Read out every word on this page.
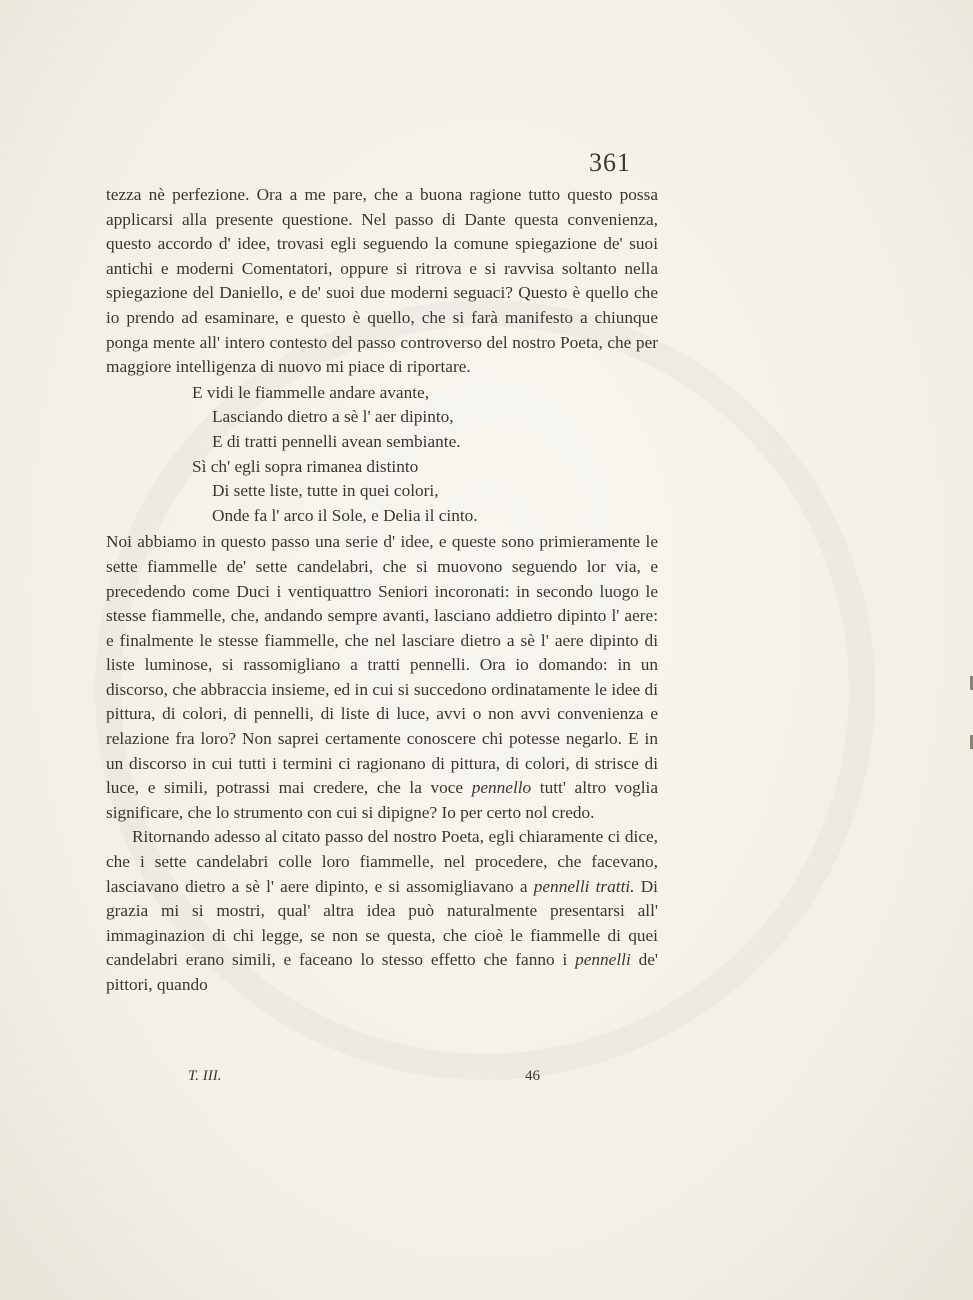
361

tezza nè perfezione. Ora a me pare, che a buona ragione tutto questo possa applicarsi alla presente questione. Nel passo di Dante questa convenienza, questo accordo d' idee, trovasi egli seguendo la comune spiegazione de' suoi antichi e moderni Comentatori, oppure si ritrova e si ravvisa soltanto nella spiegazione del Daniello, e de' suoi due moderni seguaci? Questo è quello che io prendo ad esaminare, e questo è quello, che si farà manifesto a chiunque ponga mente all' intero contesto del passo controverso del nostro Poeta, che per maggiore intelligenza di nuovo mi piace di riportare.

E vidi le fiammelle andare avante,
Lasciando dietro a sè l' aer dipinto,
E di tratti pennelli avean sembiante.
Sì ch' egli sopra rimanea distinto
Di sette liste, tutte in quei colori,
Onde fa l' arco il Sole, e Delia il cinto.

Noi abbiamo in questo passo una serie d' idee, e queste sono primieramente le sette fiammelle de' sette candelabri, che si muovono seguendo lor via, e precedendo come Duci i ventiquattro Seniori incoronati: in secondo luogo le stesse fiammelle, che, andando sempre avanti, lasciano addietro dipinto l' aere: e finalmente le stesse fiammelle, che nel lasciare dietro a sè l' aere dipinto di liste luminose, si rassomigliano a tratti pennelli. Ora io domando: in un discorso, che abbraccia insieme, ed in cui si succedono ordinatamente le idee di pittura, di colori, di pennelli, di liste di luce, avvi o non avvi convenienza e relazione fra loro? Non saprei certamente conoscere chi potesse negarlo. E in un discorso in cui tutti i termini ci ragionano di pittura, di colori, di strisce di luce, e simili, potrassi mai credere, che la voce pennello tutt' altro voglia significare, che lo strumento con cui si dipigne? Io per certo nol credo.

Ritornando adesso al citato passo del nostro Poeta, egli chiaramente ci dice, che i sette candelabri colle loro fiammelle, nel procedere, che facevano, lasciavano dietro a sè l' aere dipinto, e si assomigliavano a pennelli tratti. Di grazia mi si mostri, qual' altra idea può naturalmente presentarsi all' immaginazion di chi legge, se non se questa, che cioè le fiammelle di quei candelabri erano simili, e faceano lo stesso effetto che fanno i pennelli de' pittori, quando

T. III.	46
